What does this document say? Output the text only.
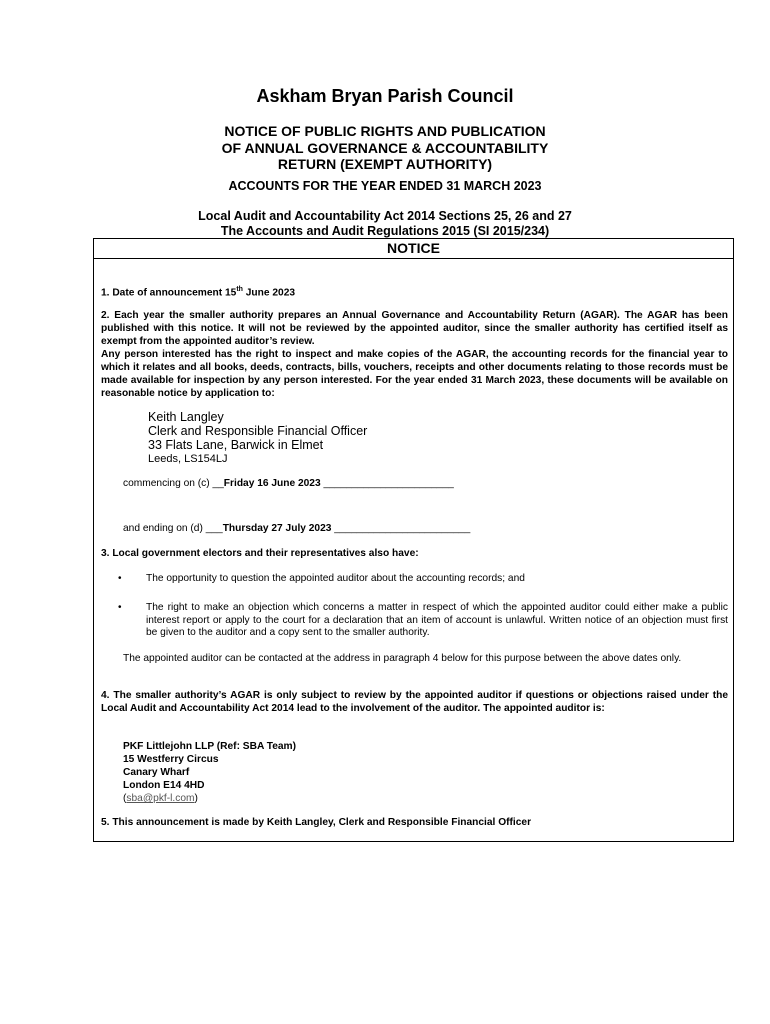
Askham Bryan Parish Council
NOTICE OF PUBLIC RIGHTS AND PUBLICATION
OF ANNUAL GOVERNANCE & ACCOUNTABILITY
RETURN (EXEMPT AUTHORITY)
ACCOUNTS FOR THE YEAR ENDED 31 MARCH 2023
Local Audit and Accountability Act 2014 Sections 25, 26 and 27
The Accounts and Audit Regulations 2015 (SI 2015/234)
NOTICE
1. Date of announcement 15th June 2023
2. Each year the smaller authority prepares an Annual Governance and Accountability Return (AGAR). The AGAR has been published with this notice. It will not be reviewed by the appointed auditor, since the smaller authority has certified itself as exempt from the appointed auditor’s review.
Any person interested has the right to inspect and make copies of the AGAR, the accounting records for the financial year to which it relates and all books, deeds, contracts, bills, vouchers, receipts and other documents relating to those records must be made available for inspection by any person interested. For the year ended 31 March 2023, these documents will be available on reasonable notice by application to:
Keith Langley
Clerk and Responsible Financial Officer
33 Flats Lane, Barwick in Elmet
Leeds, LS154LJ
commencing on (c) __Friday 16 June 2023 _______________________
and ending on (d) ___Thursday 27 July 2023 ________________________
3. Local government electors and their representatives also have:
• The opportunity to question the appointed auditor about the accounting records; and
• The right to make an objection which concerns a matter in respect of which the appointed auditor could either make a public interest report or apply to the court for a declaration that an item of account is unlawful. Written notice of an objection must first be given to the auditor and a copy sent to the smaller authority.
The appointed auditor can be contacted at the address in paragraph 4 below for this purpose between the above dates only.
4. The smaller authority’s AGAR is only subject to review by the appointed auditor if questions or objections raised under the Local Audit and Accountability Act 2014 lead to the involvement of the auditor. The appointed auditor is:
PKF Littlejohn LLP (Ref: SBA Team)
15 Westferry Circus
Canary Wharf
London E14 4HD
(sba@pkf-l.com)
5. This announcement is made by Keith Langley, Clerk and Responsible Financial Officer
